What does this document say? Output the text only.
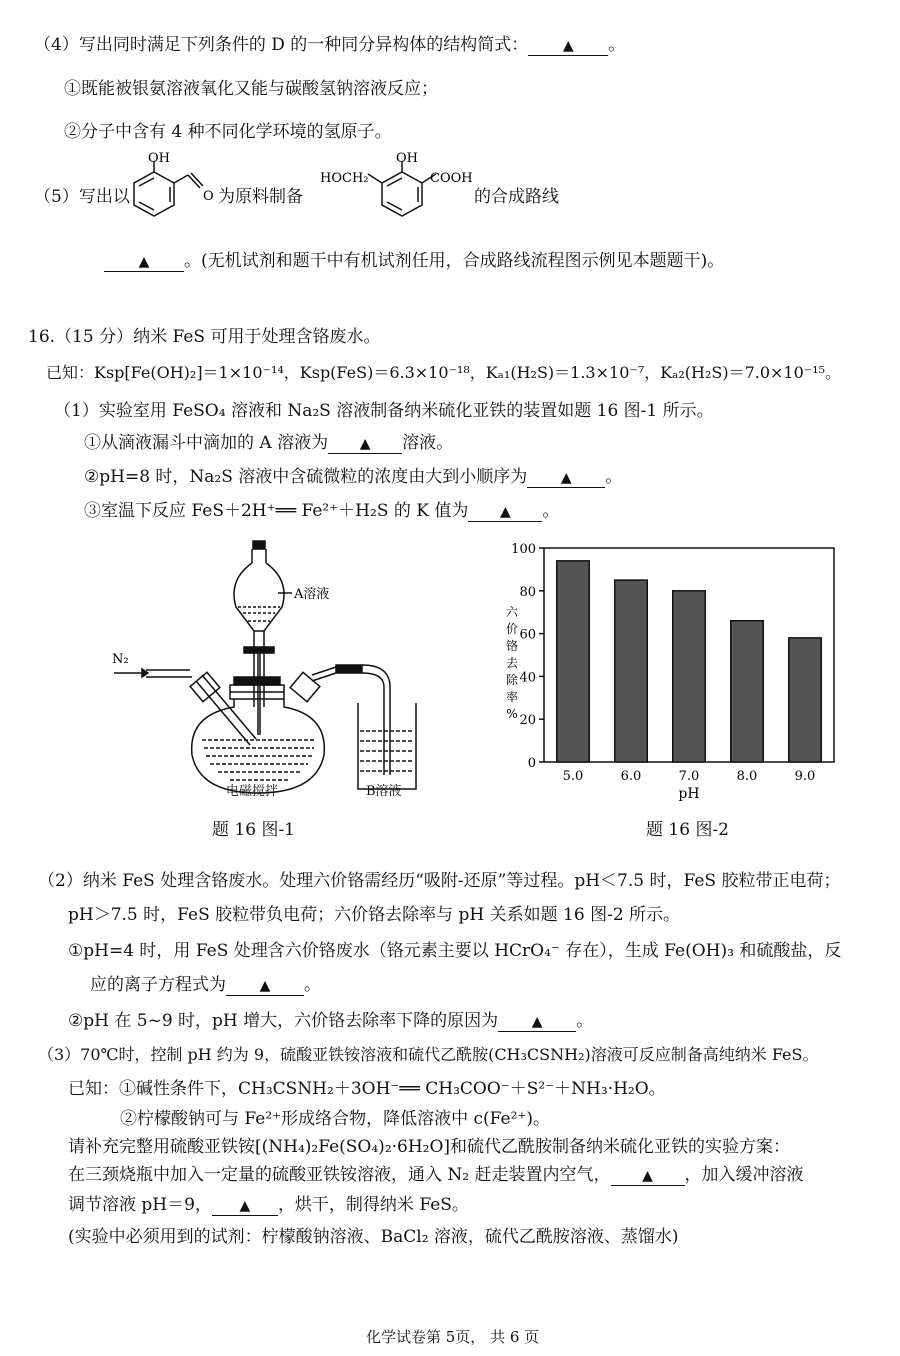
（4）写出同时满足下列条件的 D 的一种同分异构体的结构简式： ▲ 。
①既能被银氨溶液氧化又能与碳酸氢钠溶液反应；
②分子中含有 4 种不同化学环境的氢原子。
（5）写出以
OH
O 为原料制备
OH
HOCH₂	COOH
的合成路线
▲ 。(无机试剂和题干中有机试剂任用，合成路线流程图示例见本题题干)。
16.（15 分）纳米 FeS 可用于处理含铬废水。
已知：Ksp[Fe(OH)₂]＝1×10⁻¹⁴，Ksp(FeS)＝6.3×10⁻¹⁸，Kₐ₁(H₂S)＝1.3×10⁻⁷，Kₐ₂(H₂S)＝7.0×10⁻¹⁵。
（1）实验室用 FeSO₄ 溶液和 Na₂S 溶液制备纳米硫化亚铁的装置如题 16 图-1 所示。
①从滴液漏斗中滴加的 A 溶液为 ▲ 溶液。
②pH=8 时，Na₂S 溶液中含硫微粒的浓度由大到小顺序为 ▲ 。
③室温下反应 FeS＋2H⁺══ Fe²⁺＋H₂S 的 K 值为 ▲ 。
A溶液
N₂
电磁搅拌	B溶液
题 16 图-1
0
20
40
60
80
100
5.0	6.0	7.0	8.0	9.0
pH
六
价
铬
去
除
率
%
题 16 图-2
（2）纳米 FeS 处理含铬废水。处理六价铬需经历“吸附-还原”等过程。pH＜7.5 时，FeS 胶粒带正电荷；
pH＞7.5 时，FeS 胶粒带负电荷；六价铬去除率与 pH 关系如题 16 图-2 所示。
①pH=4 时，用 FeS 处理含六价铬废水（铬元素主要以 HCrO₄⁻ 存在），生成 Fe(OH)₃ 和硫酸盐，反
应的离子方程式为 ▲ 。
②pH 在 5~9 时，pH 增大，六价铬去除率下降的原因为 ▲ 。
（3）70℃时，控制 pH 约为 9，硫酸亚铁铵溶液和硫代乙酰胺(CH₃CSNH₂)溶液可反应制备高纯纳米 FeS。
已知：①碱性条件下，CH₃CSNH₂＋3OH⁻══ CH₃COO⁻＋S²⁻＋NH₃·H₂O。
②柠檬酸钠可与 Fe²⁺形成络合物，降低溶液中 c(Fe²⁺)。
请补充完整用硫酸亚铁铵[(NH₄)₂Fe(SO₄)₂·6H₂O]和硫代乙酰胺制备纳米硫化亚铁的实验方案：
在三颈烧瓶中加入一定量的硫酸亚铁铵溶液，通入 N₂ 赶走装置内空气， ▲ ，加入缓冲溶液
调节溶液 pH＝9， ▲ ，烘干，制得纳米 FeS。
(实验中必须用到的试剂：柠檬酸钠溶液、BaCl₂ 溶液，硫代乙酰胺溶液、蒸馏水)
化学试卷第 5页， 共 6 页
